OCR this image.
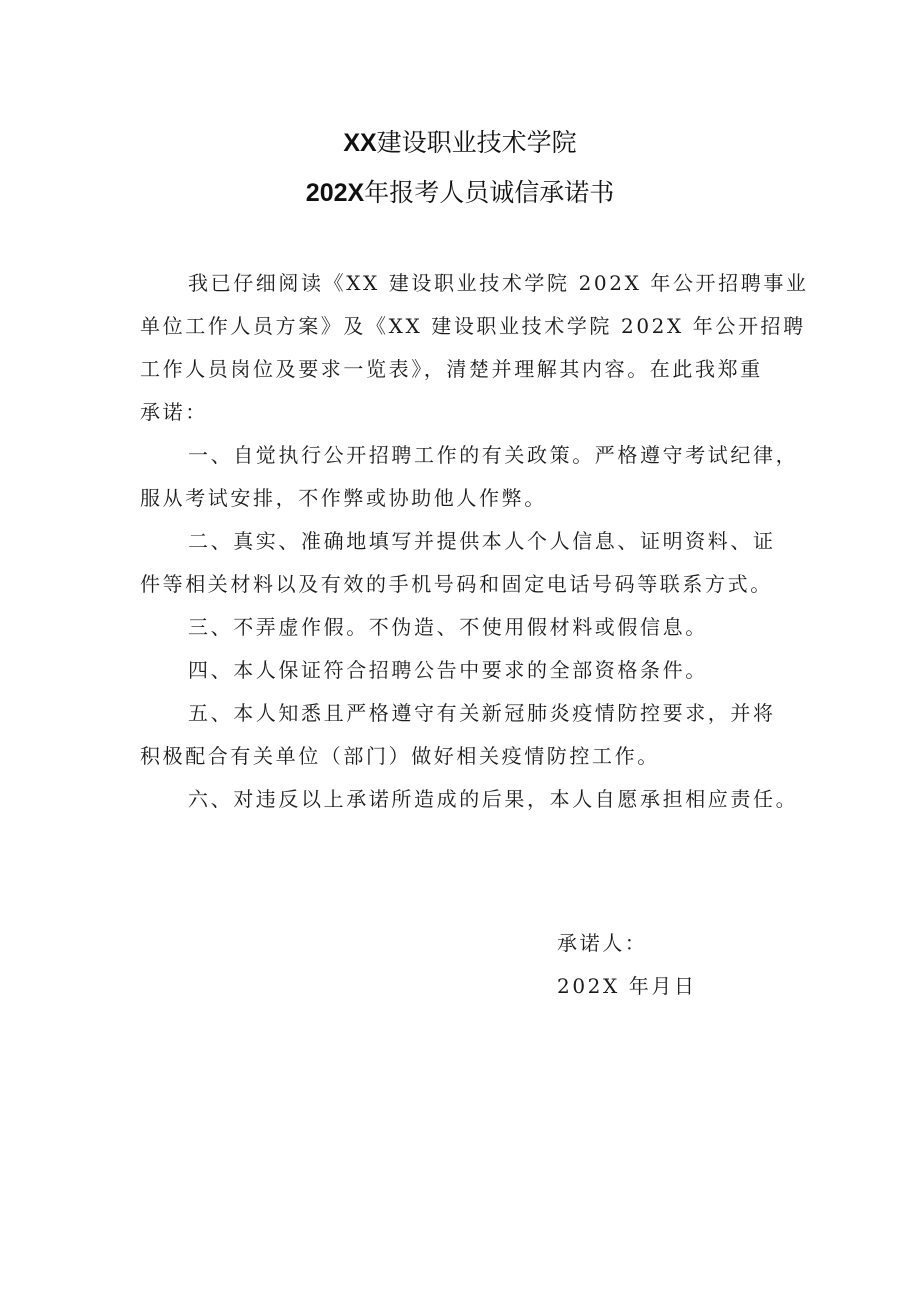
XX建设职业技术学院
202X年报考人员诚信承诺书

我已仔细阅读《XX 建设职业技术学院 202X 年公开招聘事业
单位工作人员方案》及《XX 建设职业技术学院 202X 年公开招聘
工作人员岗位及要求一览表》，清楚并理解其内容。在此我郑重
承诺：

一、自觉执行公开招聘工作的有关政策。严格遵守考试纪律，
服从考试安排，不作弊或协助他人作弊。

二、真实、准确地填写并提供本人个人信息、证明资料、证
件等相关材料以及有效的手机号码和固定电话号码等联系方式。

三、不弄虚作假。不伪造、不使用假材料或假信息。

四、本人保证符合招聘公告中要求的全部资格条件。

五、本人知悉且严格遵守有关新冠肺炎疫情防控要求，并将
积极配合有关单位（部门）做好相关疫情防控工作。

六、对违反以上承诺所造成的后果，本人自愿承担相应责任。

承诺人：
202X 年月日
